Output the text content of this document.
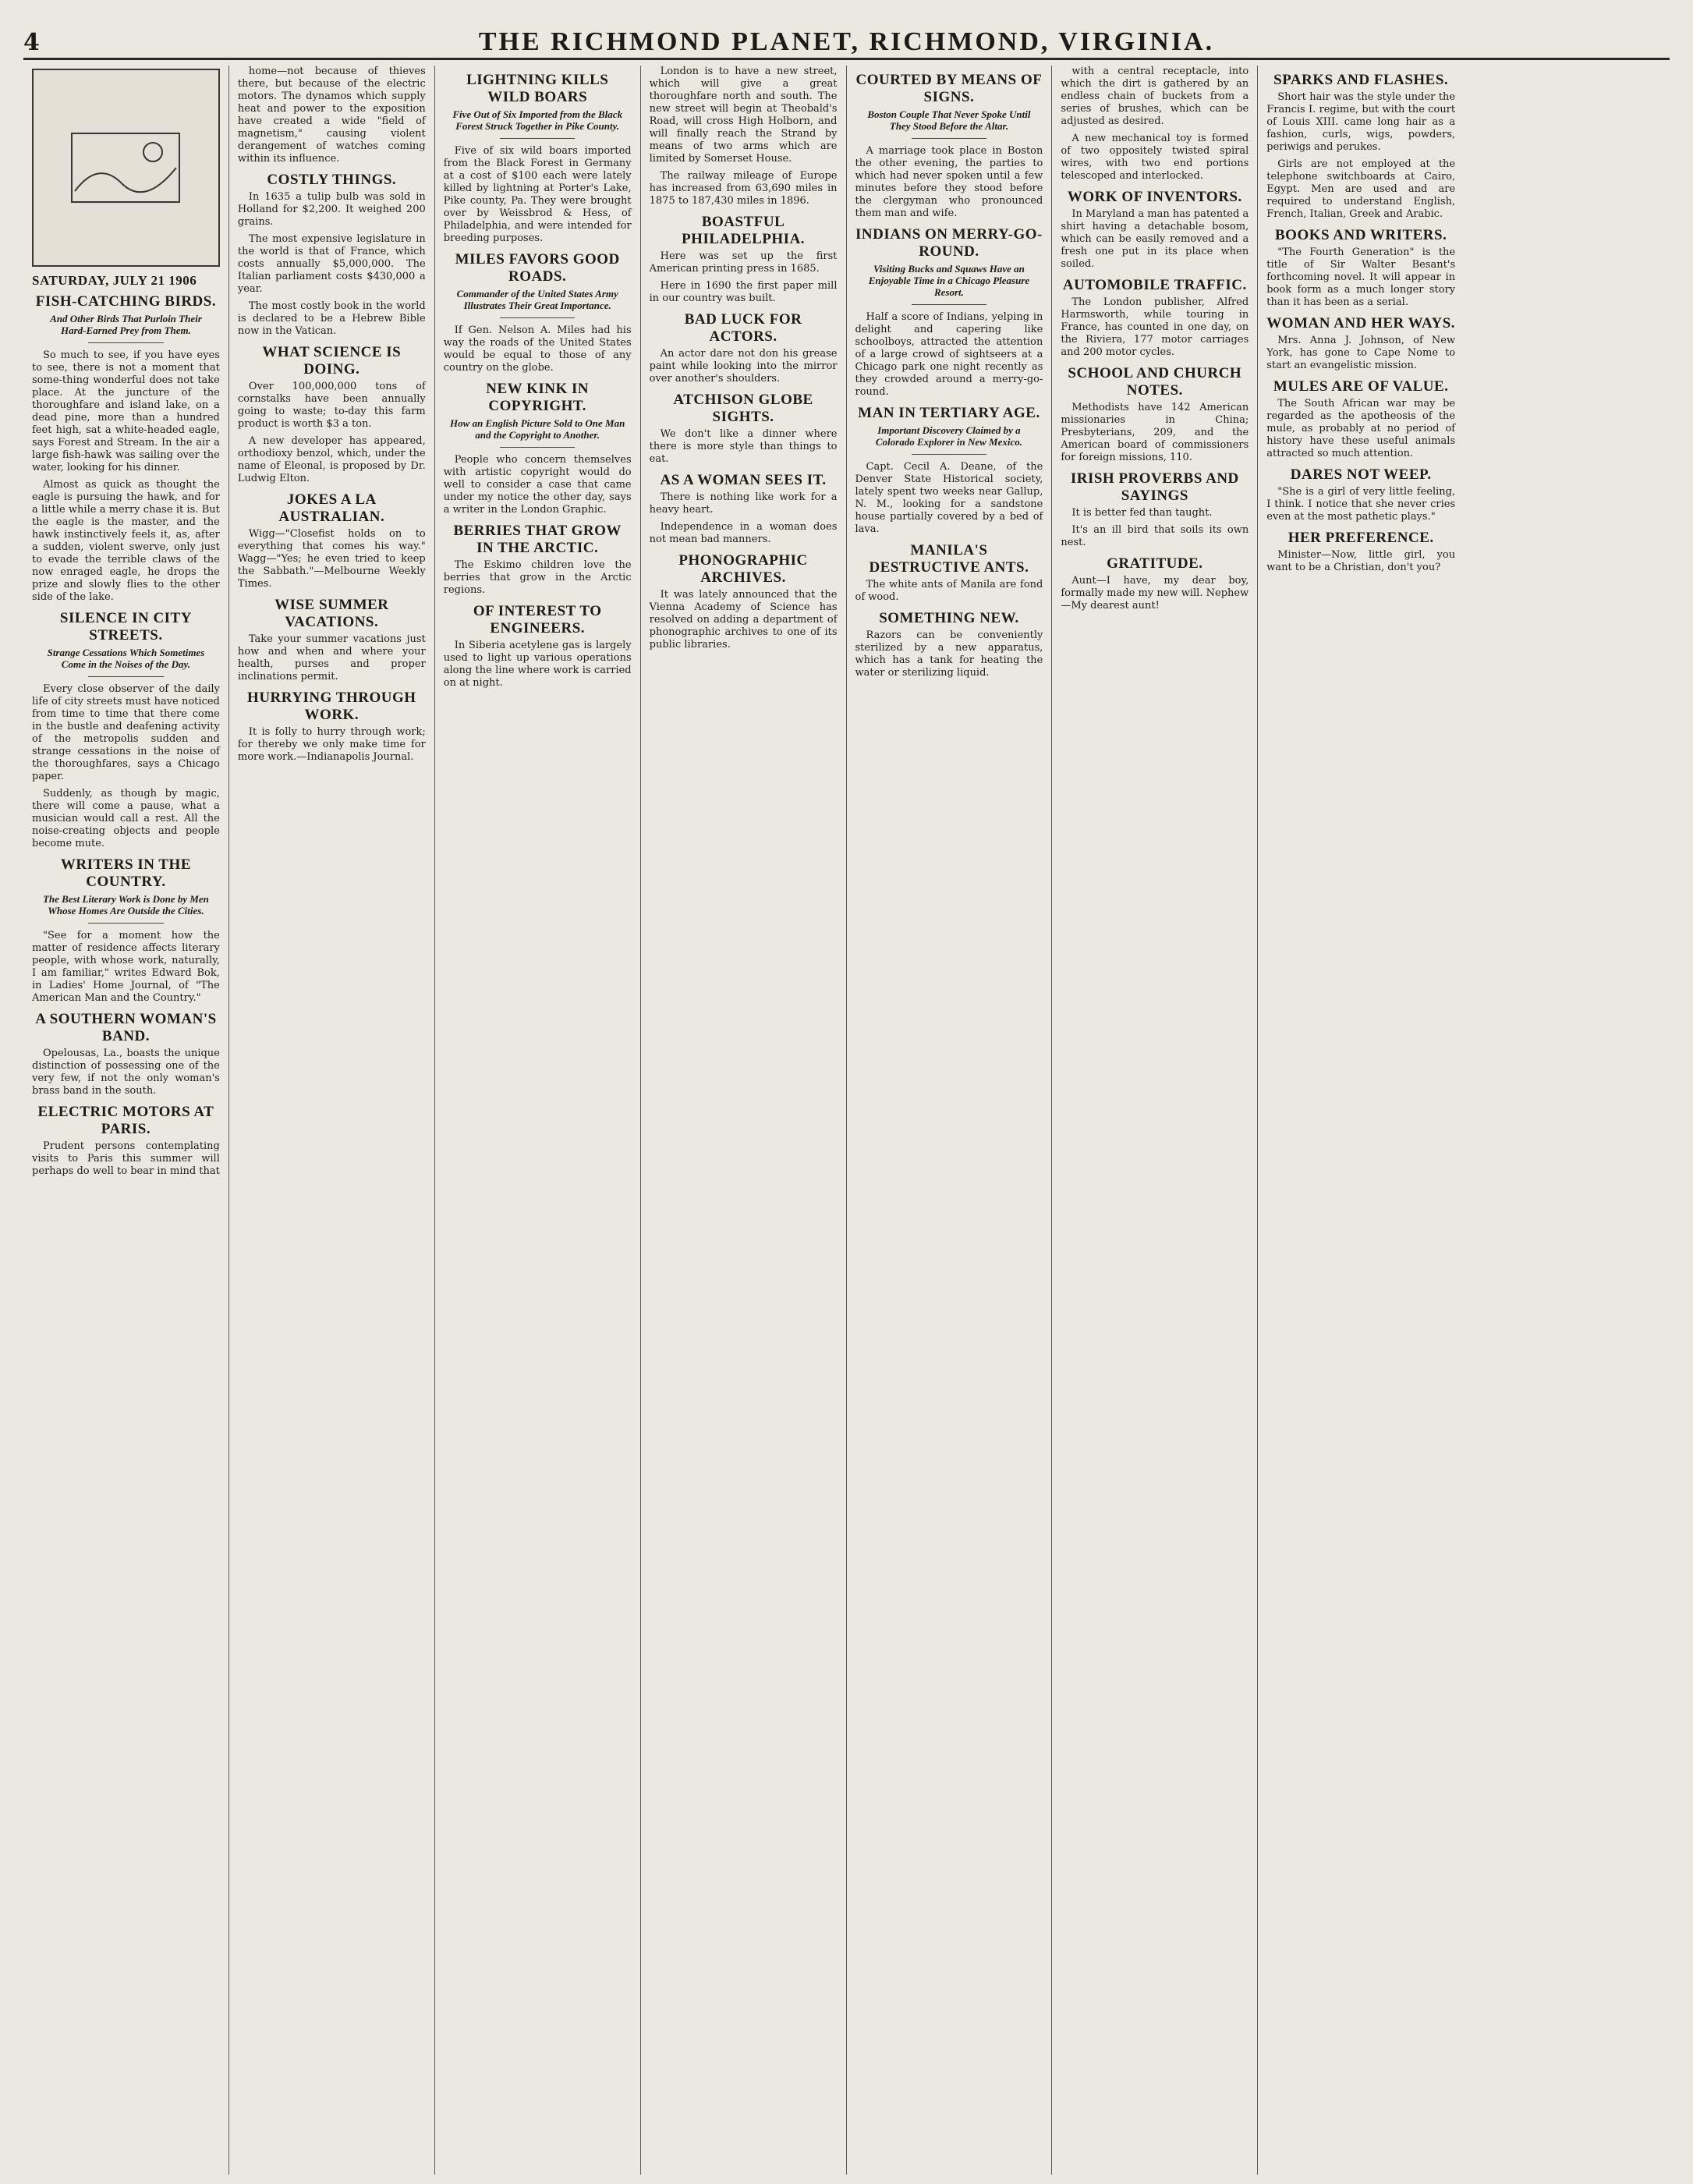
4	THE RICHMOND PLANET, RICHMOND, VIRGINIA.
SATURDAY, JULY 21 1906
FISH-CATCHING BIRDS.
And Other Birds That Purloin Their Hard-Earned Prey from Them.

So much to see, if you have eyes to see, there is not a moment that some-thing wonderful does not take place. At the juncture of the thoroughfare and island lake, on a dead pine, more than a hundred feet high, sat a white-headed eagle, says Forest and Stream. In the air a large fish-hawk was sailing over the water, looking for his dinner.

Almost as quick as thought the eagle is pursuing the hawk, and for a little while a merry chase it is. But the eagle is the master, and the hawk instinctively feels it, as, after a sudden, violent swerve, only just to evade the terrible claws of the now enraged eagle, he drops the prize and slowly flies to the other side of the lake.

SILENCE IN CITY STREETS.
Strange Cessations Which Sometimes Come in the Noises of the Day.

Every close observer of the daily life of city streets must have noticed from time to time that there come in the bustle and deafening activity of the metropolis sudden and strange cessations in the noise of the thoroughfares, says a Chicago paper.

Suddenly, as though by magic, there will come a pause, what a musician would call a rest. All the noise-creating objects and people become mute.

WRITERS IN THE COUNTRY.
The Best Literary Work is Done by Men Whose Homes Are Outside the Cities.

"See for a moment how the matter of residence affects literary people, with whose work, naturally, I am familiar," writes Edward Bok, in Ladies' Home Journal, of "The American Man and the Country."

A SOUTHERN WOMAN'S BAND.

Opelousas, La., boasts the unique distinction of possessing one of the very few, if not the only woman's brass band in the south.

ELECTRIC MOTORS AT PARIS.

Prudent persons contemplating visits to Paris this summer will perhaps do well to bear in mind that

home—not because of thieves there, but because of the electric motors. The dynamos which supply heat and power to the exposition have created a wide "field of magnetism," causing violent derangement of watches coming within its influence.

COSTLY THINGS.

In 1635 a tulip bulb was sold in Holland for $2,200. It weighed 200 grains.

The most expensive legislature in the world is that of France, which costs annually $5,000,000. The Italian parliament costs $430,000 a year.

The most costly book in the world is declared to be a Hebrew Bible now in the Vatican.

WHAT SCIENCE IS DOING.

Over 100,000,000 tons of cornstalks have been annually going to waste; to-day this farm product is worth $3 a ton.

A new developer has appeared, orthodioxy benzol, which, under the name of Eleonal, is proposed by Dr. Ludwig Elton.

JOKES A LA AUSTRALIAN.

Wigg—"Closefist holds on to everything that comes his way." Wagg—"Yes; he even tried to keep the Sabbath."—Melbourne Weekly Times.

WISE SUMMER VACATIONS.

Take your summer vacations just how and when and where your health, purses and proper inclinations permit.

HURRYING THROUGH WORK.

It is folly to hurry through work; for thereby we only make time for more work.—Indianapolis Journal.

LIGHTNING KILLS WILD BOARS
Five Out of Six Imported from the Black Forest Struck Together in Pike County.

Five of six wild boars imported from the Black Forest in Germany at a cost of $100 each were lately killed by lightning at Porter's Lake, Pike county, Pa. They were brought over by Weissbrod & Hess, of Philadelphia, and were intended for breeding purposes.

MILES FAVORS GOOD ROADS.
Commander of the United States Army Illustrates Their Great Importance.

If Gen. Nelson A. Miles had his way the roads of the United States would be equal to those of any country on the globe.

NEW KINK IN COPYRIGHT.
How an English Picture Sold to One Man and the Copyright to Another.

People who concern themselves with artistic copyright would do well to consider a case that came under my notice the other day, says a writer in the London Graphic.

BERRIES THAT GROW IN THE ARCTIC.

The Eskimo children love the berries that grow in the Arctic regions.

OF INTEREST TO ENGINEERS.

In Siberia acetylene gas is largely used to light up various operations along the line where work is carried on at night.

London is to have a new street, which will give a great thoroughfare north and south. The new street will begin at Theobald's Road, will cross High Holborn, and will finally reach the Strand by means of two arms which are limited by Somerset House.

The railway mileage of Europe has increased from 63,690 miles in 1875 to 187,430 miles in 1896.

BOASTFUL PHILADELPHIA.

Here was set up the first American printing press in 1685.

Here in 1690 the first paper mill in our country was built.

BAD LUCK FOR ACTORS.

An actor dare not don his grease paint while looking into the mirror over another's shoulders.

ATCHISON GLOBE SIGHTS.

We don't like a dinner where there is more style than things to eat.

AS A WOMAN SEES IT.

There is nothing like work for a heavy heart.

Independence in a woman does not mean bad manners.

PHONOGRAPHIC ARCHIVES.

It was lately announced that the Vienna Academy of Science has resolved on adding a department of phonographic archives to one of its public libraries.

COURTED BY MEANS OF SIGNS.
Boston Couple That Never Spoke Until They Stood Before the Altar.

A marriage took place in Boston the other evening, the parties to which had never spoken until a few minutes before they stood before the clergyman who pronounced them man and wife.

INDIANS ON MERRY-GO-ROUND.
Visiting Bucks and Squaws Have an Enjoyable Time in a Chicago Pleasure Resort.

Half a score of Indians, yelping in delight and capering like schoolboys, attracted the attention of a large crowd of sightseers at a Chicago park one night recently as they crowded around a merry-go-round.

MAN IN TERTIARY AGE.
Important Discovery Claimed by a Colorado Explorer in New Mexico.

Capt. Cecil A. Deane, of the Denver State Historical society, lately spent two weeks near Gallup, N. M., looking for a sandstone house partially covered by a bed of lava.

MANILA'S DESTRUCTIVE ANTS.

The white ants of Manila are fond of wood.

SOMETHING NEW.

Razors can be conveniently sterilized by a new apparatus, which has a tank for heating the water or sterilizing liquid.

with a central receptacle, into which the dirt is gathered by an endless chain of buckets from a series of brushes, which can be adjusted as desired.

A new mechanical toy is formed of two oppositely twisted spiral wires, with two end portions telescoped and interlocked.

WORK OF INVENTORS.

In Maryland a man has patented a shirt having a detachable bosom, which can be easily removed and a fresh one put in its place when soiled.

AUTOMOBILE TRAFFIC.

The London publisher, Alfred Harmsworth, while touring in France, has counted in one day, on the Riviera, 177 motor carriages and 200 motor cycles.

SCHOOL AND CHURCH NOTES.

Methodists have 142 American missionaries in China; Presbyterians, 209, and the American board of commissioners for foreign missions, 110.

IRISH PROVERBS AND SAYINGS

It is better fed than taught.

It's an ill bird that soils its own nest.

GRATITUDE.

Aunt—I have, my dear boy, formally made my new will. Nephew—My dearest aunt!

SPARKS AND FLASHES.

Short hair was the style under the Francis I. regime, but with the court of Louis XIII. came long hair as a fashion, curls, wigs, powders, periwigs and perukes.

Girls are not employed at the telephone switchboards at Cairo, Egypt. Men are used and are required to understand English, French, Italian, Greek and Arabic.

BOOKS AND WRITERS.

"The Fourth Generation" is the title of Sir Walter Besant's forthcoming novel. It will appear in book form as a much longer story than it has been as a serial.

WOMAN AND HER WAYS.

Mrs. Anna J. Johnson, of New York, has gone to Cape Nome to start an evangelistic mission.

MULES ARE OF VALUE.

The South African war may be regarded as the apotheosis of the mule, as probably at no period of history have these useful animals attracted so much attention.

DARES NOT WEEP.

"She is a girl of very little feeling, I think. I notice that she never cries even at the most pathetic plays."

HER PREFERENCE.

Minister—Now, little girl, you want to be a Christian, don't you?
